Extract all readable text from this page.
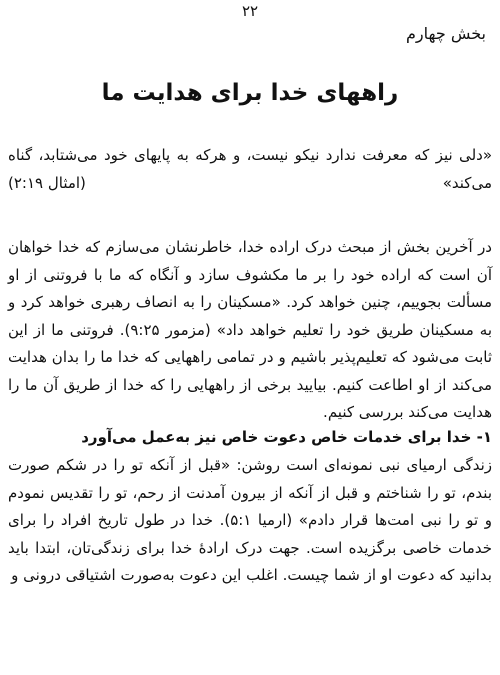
۲۲
بخش چهارم
راههای خدا برای هدایت ما

«دلی نیز که معرفت ندارد نیکو نیست، و هرکه به پایهای خود می‌شتابد، گناه می‌کند»
(امثال ۲:۱۹)

در آخرین بخش از مبحث درک اراده خدا، خاطرنشان می‌سازم که خدا خواهان آن است که اراده خود را بر ما مکشوف سازد و آنگاه که ما با فروتنی از او مسألت بجوییم، چنین خواهد کرد. «مسکینان را به انصاف رهبری خواهد کرد و به مسکینان طریق خود را تعلیم خواهد داد» (مزمور ۹:۲۵). فروتنی ما از این ثابت می‌شود که تعلیم‌پذیر باشیم و در تمامی راههایی که خدا ما را بدان هدایت می‌کند از او اطاعت کنیم. بیایید برخی از راههایی را که خدا از طریق آن ما را هدایت می‌کند بررسی کنیم.

۱- خدا برای خدمات خاص دعوت خاص نیز به‌عمل می‌آورد

زندگی ارمیای نبی نمونه‌ای است روشن: «قبل از آنکه تو را در شکم صورت بندم، تو را شناختم و قبل از آنکه از بیرون آمدنت از رحم، تو را تقدیس نمودم و تو را نبی امت‌ها قرار دادم» (ارمیا ۵:۱). خدا در طول تاریخ افراد را برای خدمات خاصی برگزیده است. جهت درک ارادهٔ خدا برای زندگی‌تان، ابتدا باید بدانید که دعوت او از شما چیست. اغلب این دعوت به‌صورت اشتیاقی درونی و
